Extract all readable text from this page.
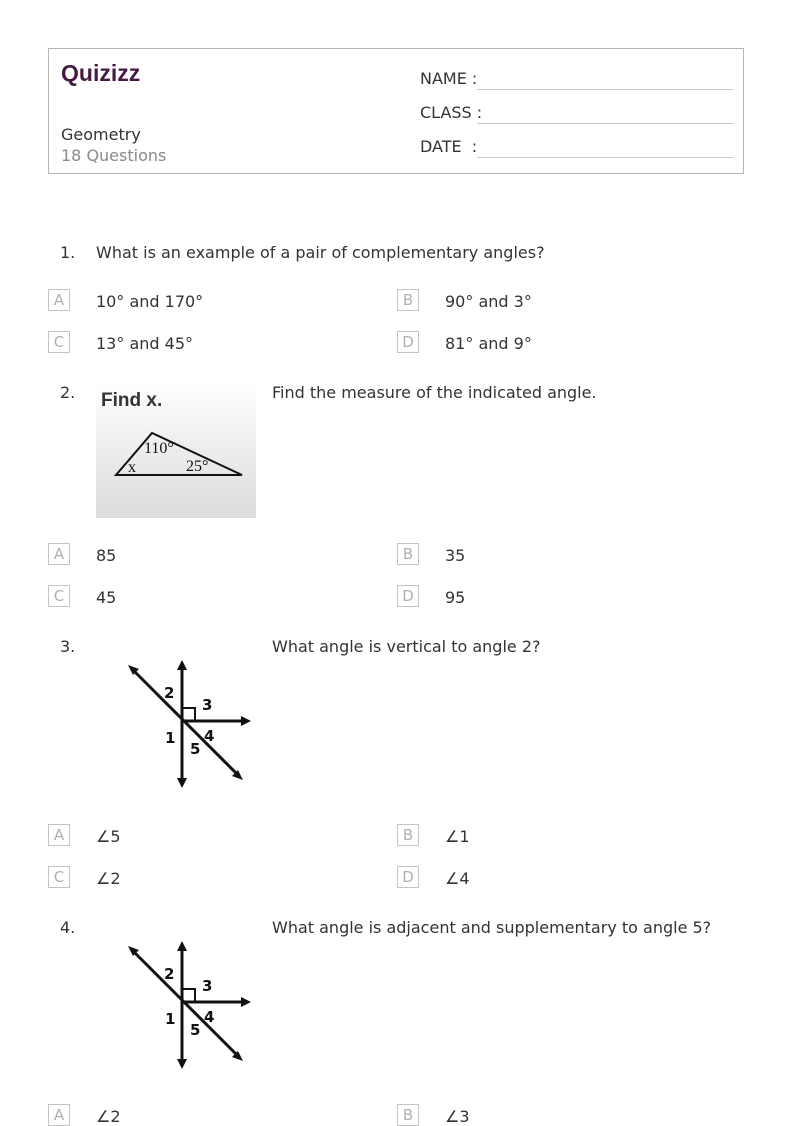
Quizizz
Geometry
18 Questions
NAME :
CLASS :
DATE  :
1. What is an example of a pair of complementary angles?
A	10° and 170°	B	90° and 3°
C	13° and 45°	D	81° and 9°
2. Find x.
110°
25°
x
Find the measure of the indicated angle.
A	85	B	35
C	45	D	95
3.
2
3
1 4
5
What angle is vertical to angle 2?
A	∠5	B	∠1
C	∠2	D	∠4
4.
2
3
1 4
5
What angle is adjacent and supplementary to angle 5?
A	∠2	B	∠3
